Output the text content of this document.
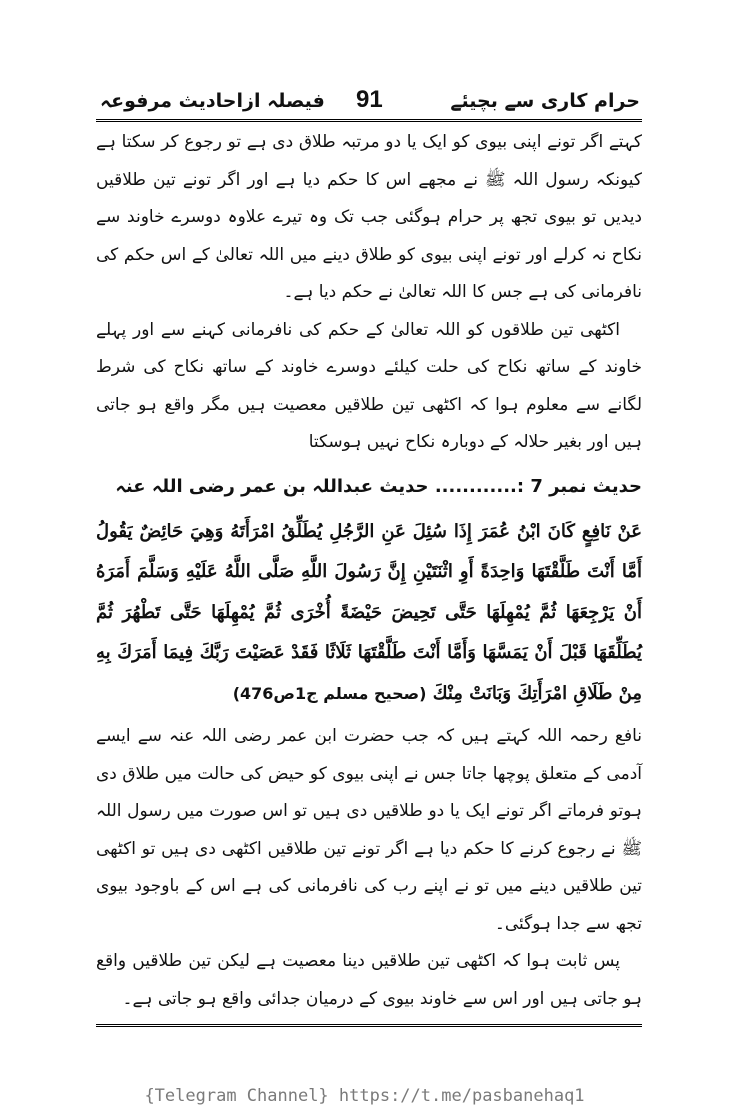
حرام کاری سے بچیئے
91
فیصلہ ازاحادیث مرفوعہ

کہتے اگر تونے اپنی بیوی کو ایک یا دو مرتبہ طلاق دی ہے تو رجوع کر سکتا ہے کیونکہ رسول اللہ ﷺ نے مجھے اس کا حکم دیا ہے اور اگر تونے تین طلاقیں دیدیں تو بیوی تجھ پر حرام ہوگئی جب تک وہ تیرے علاوہ دوسرے خاوند سے نکاح نہ کرلے اور تونے اپنی بیوی کو طلاق دینے میں اللہ تعالیٰ کے اس حکم کی نافرمانی کی ہے جس کا اللہ تعالیٰ نے حکم دیا ہے۔

اکٹھی تین طلاقوں کو اللہ تعالیٰ کے حکم کی نافرمانی کہنے سے اور پہلے خاوند کے ساتھ نکاح کی حلت کیلئے دوسرے خاوند کے ساتھ نکاح کی شرط لگانے سے معلوم ہوا کہ اکٹھی تین طلاقیں معصیت ہیں مگر واقع ہو جاتی ہیں اور بغیر حلالہ کے دوبارہ نکاح نہیں ہوسکتا

حدیث نمبر 7 :............ حدیث عبداللہ بن عمر رضی اللہ عنہ
عَنْ نَافِعٍ كَانَ ابْنُ عُمَرَ إِذَا سُئِلَ عَنِ الرَّجُلِ يُطَلِّقُ امْرَأَتَهُ وَهِيَ حَائِضٌ يَقُولُ أَمَّا أَنْتَ طَلَّقْتَهَا وَاحِدَةً أَوِ اثْنَتَيْنِ إِنَّ رَسُولَ اللَّهِ صَلَّى اللَّهُ عَلَيْهِ وَسَلَّمَ أَمَرَهُ أَنْ يَرْجِعَهَا ثُمَّ يُمْهِلَهَا حَتَّى تَحِيضَ حَيْضَةً أُخْرَى ثُمَّ يُمْهِلَهَا حَتَّى تَطْهُرَ ثُمَّ يُطَلِّقَهَا قَبْلَ أَنْ يَمَسَّهَا وَأَمَّا أَنْتَ طَلَّقْتَهَا ثَلَاثًا فَقَدْ عَصَيْتَ رَبَّكَ فِيمَا أَمَرَكَ بِهِ مِنْ طَلَاقِ امْرَأَتِكَ وَبَانَتْ مِنْكَ (صحیح مسلم ج1ص476)

نافع رحمہ اللہ کہتے ہیں کہ جب حضرت ابن عمر رضی اللہ عنہ سے ایسے آدمی کے متعلق پوچھا جاتا جس نے اپنی بیوی کو حیض کی حالت میں طلاق دی ہوتو فرماتے اگر تونے ایک یا دو طلاقیں دی ہیں تو اس صورت میں رسول اللہ ﷺ نے رجوع کرنے کا حکم دیا ہے اگر تونے تین طلاقیں اکٹھی دی ہیں تو اکٹھی تین طلاقیں دینے میں تو نے اپنے رب کی نافرمانی کی ہے اس کے باوجود بیوی تجھ سے جدا ہوگئی۔

پس ثابت ہوا کہ اکٹھی تین طلاقیں دینا معصیت ہے لیکن تین طلاقیں واقع ہو جاتی ہیں اور اس سے خاوند بیوی کے درمیان جدائی واقع ہو جاتی ہے۔

{Telegram Channel} https://t.me/pasbanehaq1
